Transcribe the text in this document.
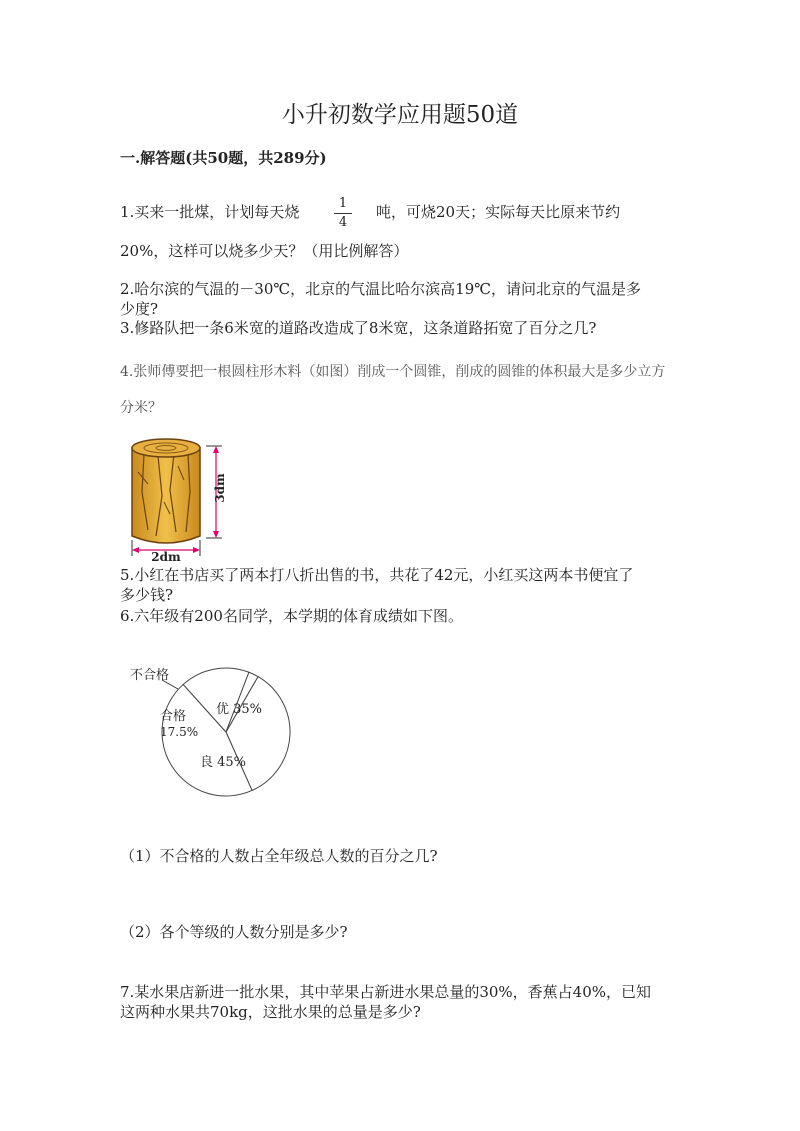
小升初数学应用题50道
一.解答题(共50题，共289分)
1.买来一批煤，计划每天烧	1
4
吨，可烧20天；实际每天比原来节约
20%，这样可以烧多少天？（用比例解答）
2.哈尔滨的气温的－30℃，北京的气温比哈尔滨高19℃，请问北京的气温是多
少度?
3.修路队把一条6米宽的道路改造成了8米宽，这条道路拓宽了百分之几?
4.张师傅要把一根圆柱形木料（如图）削成一个圆锥，削成的圆锥的体积最大是多少立方
分米？
3dm
2dm
5.小红在书店买了两本打八折出售的书，共花了42元，小红买这两本书便宜了
多少钱?
6.六年级有200名同学，本学期的体育成绩如下图。
不合格
合格
17.5%
优 35%
良 45%
（1）不合格的人数占全年级总人数的百分之几?
（2）各个等级的人数分别是多少?
7.某水果店新进一批水果，其中苹果占新进水果总量的30%，香蕉占40%，已知
这两种水果共70kg，这批水果的总量是多少?
